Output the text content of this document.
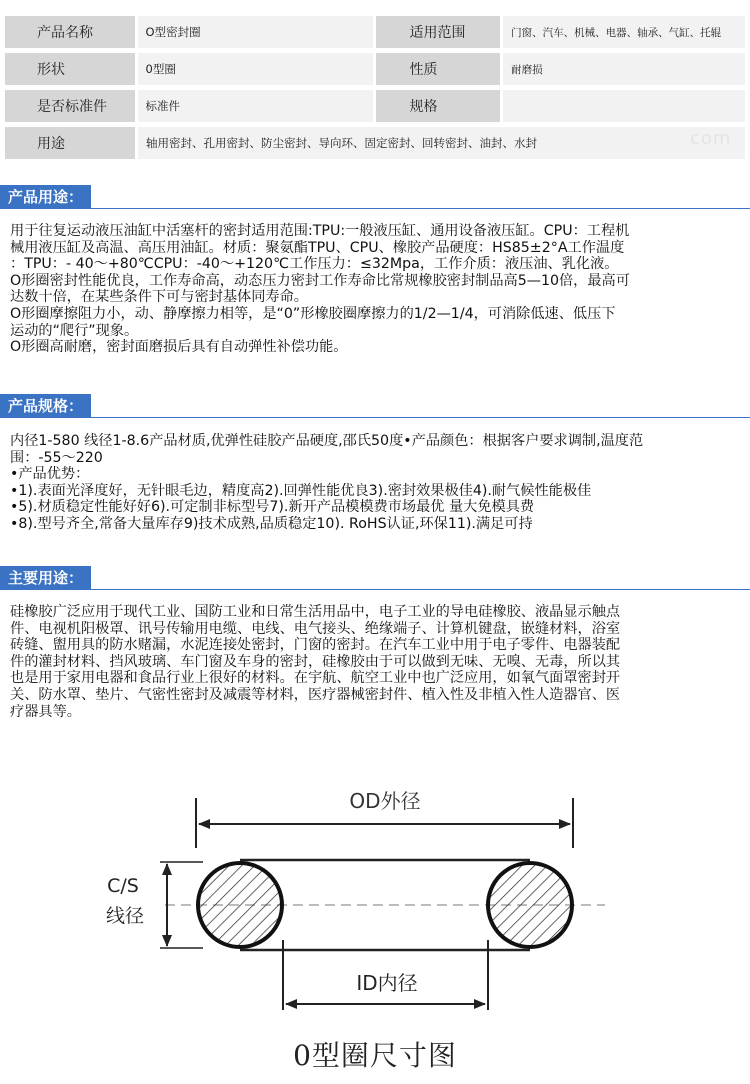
产品名称	O型密封圈	适用范围	门窗、汽车、机械、电器、轴承、气缸、托辊
形状	0型圈	性质	耐磨损
是否标准件	标准件	规格
用途	轴用密封、孔用密封、防尘密封、导向环、固定密封、回转密封、油封、水封	com
产品用途：

用于往复运动液压油缸中活塞杆的密封适用范围:TPU:一般液压缸、通用设备液压缸。CPU：工程机

械用液压缸及高温、高压用油缸。材质：聚氨酯TPU、CPU、橡胶产品硬度：HS85±2°A工作温度

：TPU：- 40～+80℃CPU：-40～+120℃工作压力：≤32Mpa，工作介质：液压油、乳化液。

O形圈密封性能优良，工作寿命高，动态压力密封工作寿命比常规橡胶密封制品高5—10倍，最高可

达数十倍，在某些条件下可与密封基体同寿命。

O形圈摩擦阻力小，动、静摩擦力相等，是“0”形橡胶圈摩擦力的1/2—1/4，可消除低速、低压下

运动的“爬行”现象。

O形圈高耐磨，密封面磨损后具有自动弹性补偿功能。

产品规格：

内径1-580 线径1-8.6产品材质,优弹性硅胶产品硬度,邵氏50度•产品颜色：根据客户要求调制,温度范

围：-55～220

•产品优势：

•1).表面光泽度好，无针眼毛边，精度高2).回弹性能优良3).密封效果极佳4).耐气候性能极佳

•5).材质稳定性能好好6).可定制非标型号7).新开产品模模费市场最优 量大免模具费

•8).型号齐全,常备大量库存9)技术成熟,品质稳定10). RoHS认证,环保11).满足可持

主要用途：

硅橡胶广泛应用于现代工业、国防工业和日常生活用品中，电子工业的导电硅橡胶、液晶显示触点

件、电视机阳极罩、讯号传输用电缆、电线、电气接头、绝缘端子、计算机键盘，嵌缝材料，浴室

砖缝、盥用具的防水赌漏，水泥连接处密封，门窗的密封。在汽车工业中用于电子零件、电器装配

件的灌封材料、挡风玻璃、车门窗及车身的密封，硅橡胶由于可以做到无味、无嗅、无毒，所以其

也是用于家用电器和食品行业上很好的材料。在宇航、航空工业中也广泛应用，如氧气面罩密封开

关、防水罩、垫片、气密性密封及减震等材料，医疗器械密封件、植入性及非植入性人造器官、医

疗器具等。

OD外径
C/S
线径
ID内径
0型圈尺寸图
